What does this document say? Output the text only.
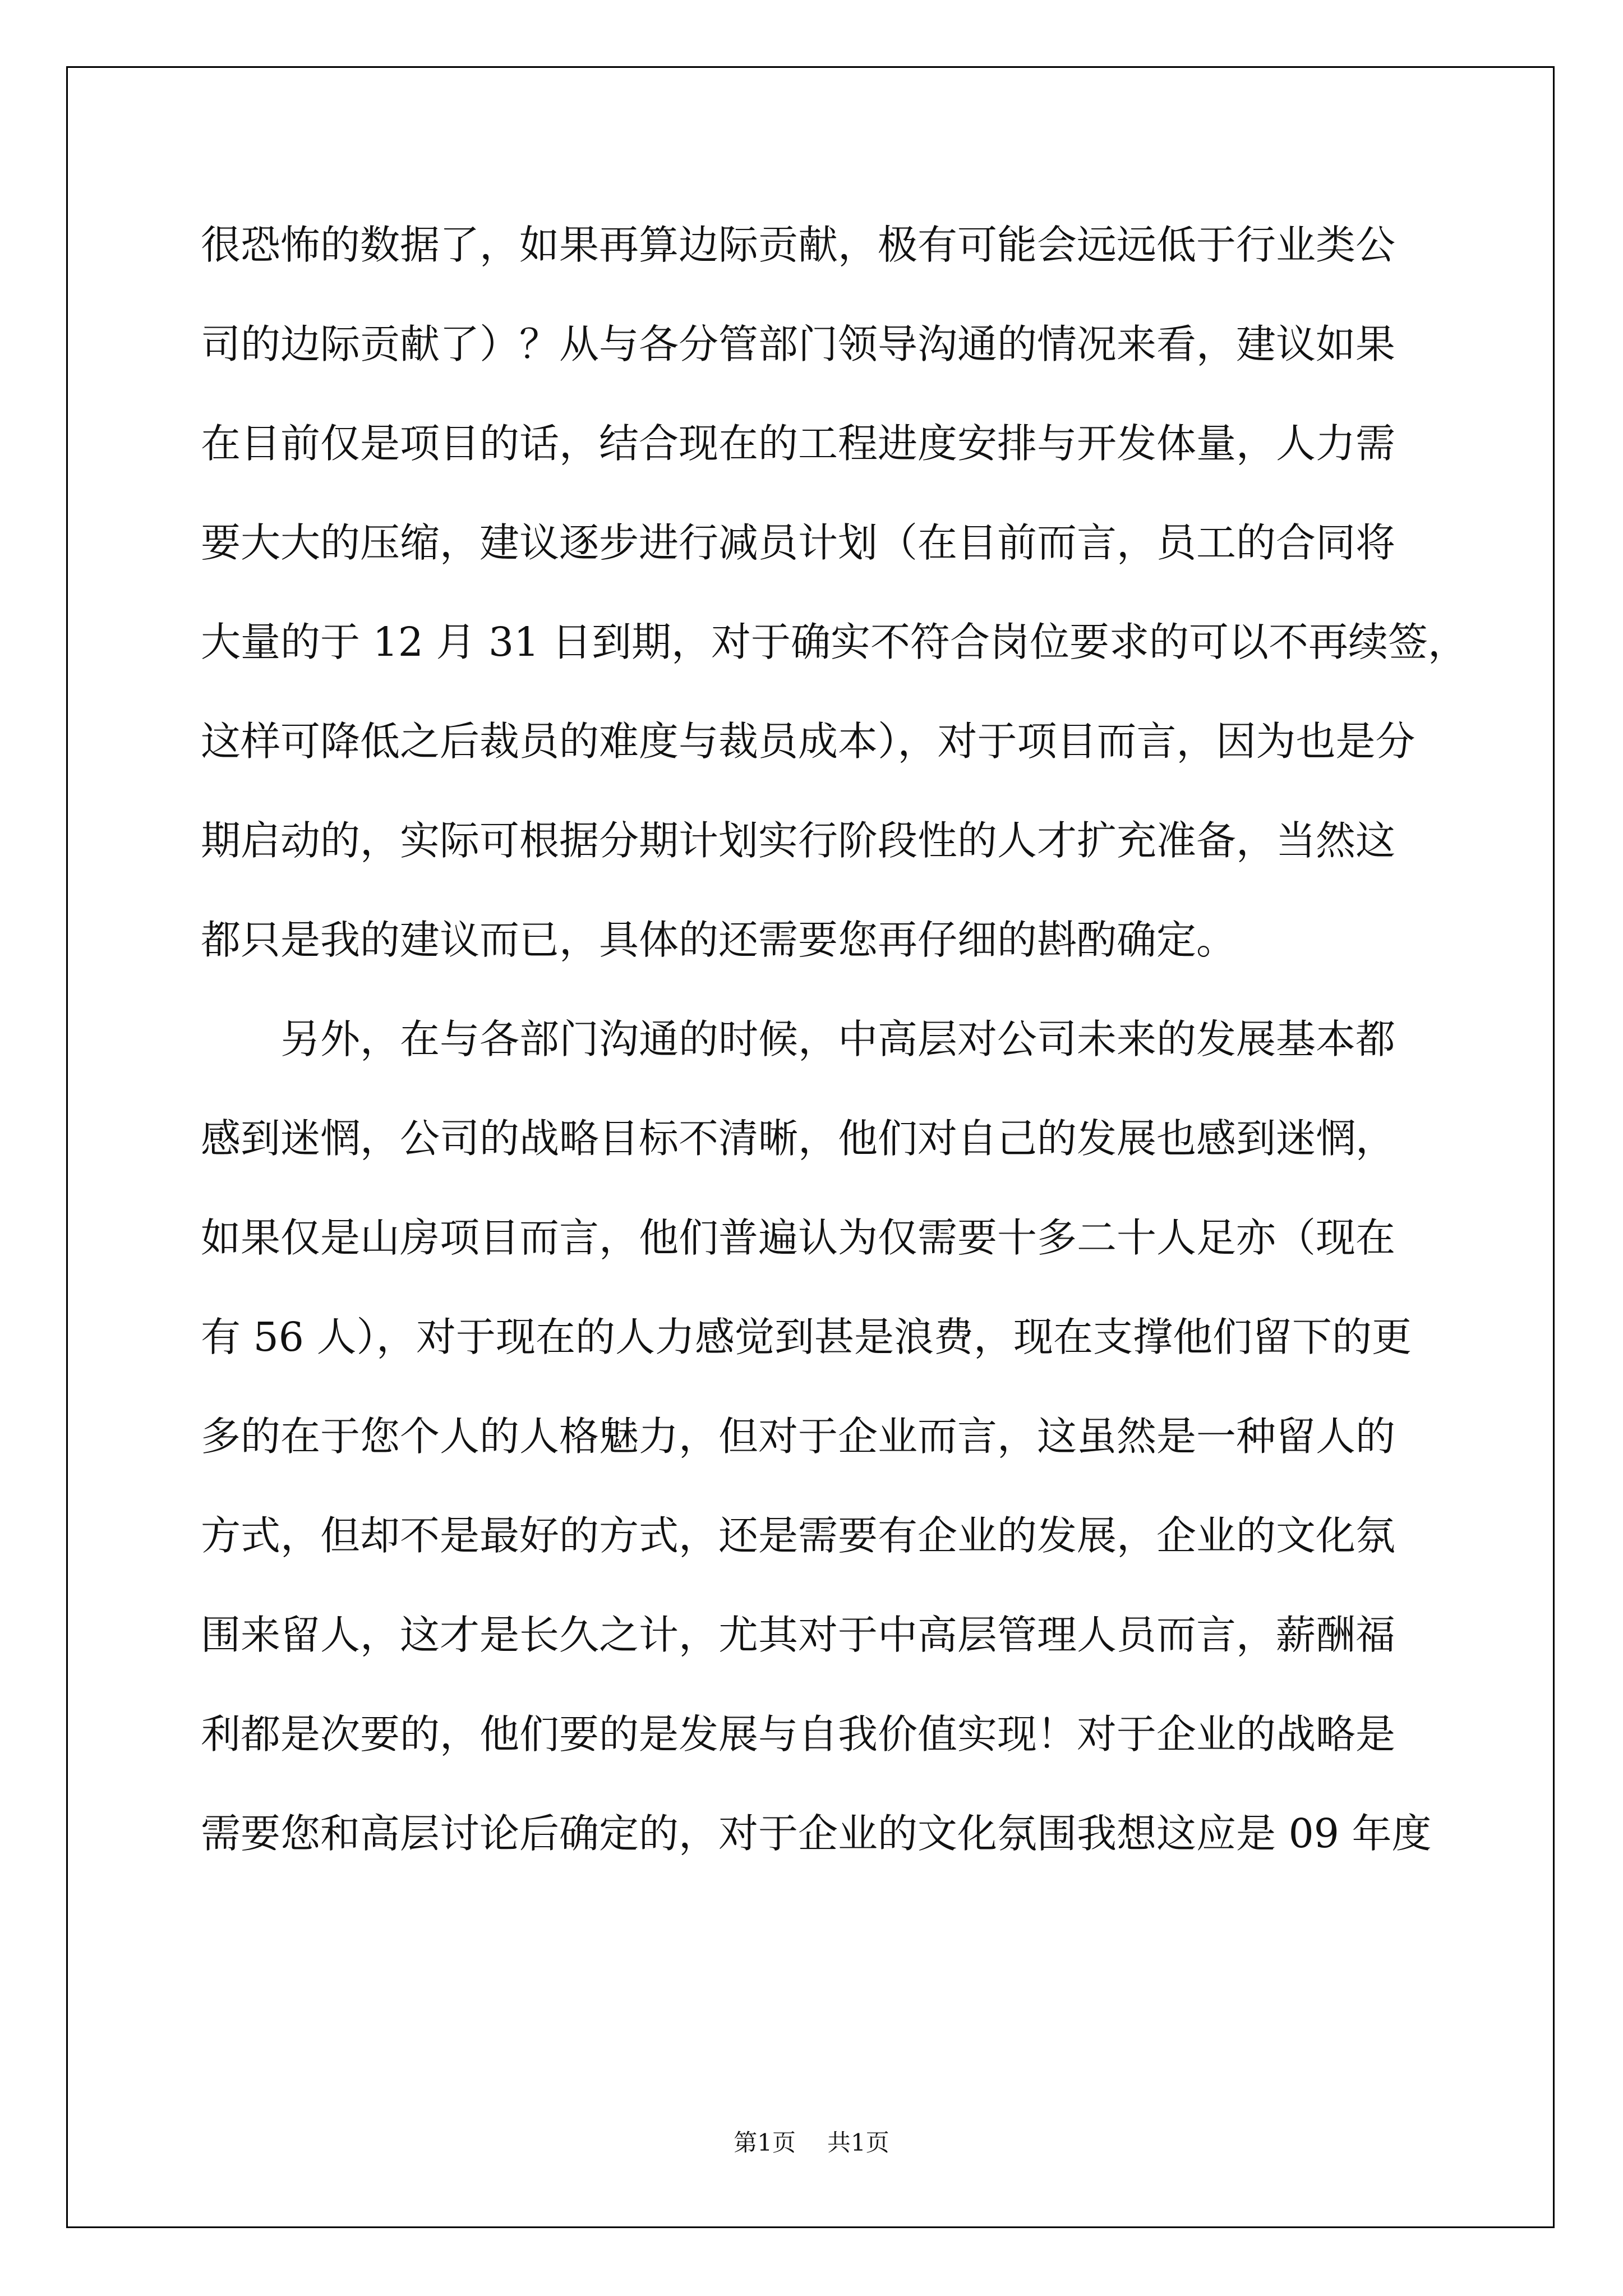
很恐怖的数据了，如果再算边际贡献，极有可能会远远低于行业类公
司的边际贡献了）？从与各分管部门领导沟通的情况来看，建议如果
在目前仅是项目的话，结合现在的工程进度安排与开发体量，人力需
要大大的压缩，建议逐步进行减员计划（在目前而言，员工的合同将
大量的于 12 月 31 日到期，对于确实不符合岗位要求的可以不再续签，
这样可降低之后裁员的难度与裁员成本），对于项目而言，因为也是分
期启动的，实际可根据分期计划实行阶段性的人才扩充准备，当然这
都只是我的建议而已，具体的还需要您再仔细的斟酌确定。
另外，在与各部门沟通的时候，中高层对公司未来的发展基本都
感到迷惘，公司的战略目标不清晰，他们对自己的发展也感到迷惘，
如果仅是山房项目而言，他们普遍认为仅需要十多二十人足亦（现在
有 56 人），对于现在的人力感觉到甚是浪费，现在支撑他们留下的更
多的在于您个人的人格魅力，但对于企业而言，这虽然是一种留人的
方式，但却不是最好的方式，还是需要有企业的发展，企业的文化氛
围来留人，这才是长久之计，尤其对于中高层管理人员而言，薪酬福
利都是次要的，他们要的是发展与自我价值实现！对于企业的战略是
需要您和高层讨论后确定的，对于企业的文化氛围我想这应是 09 年度
第1页 共1页
